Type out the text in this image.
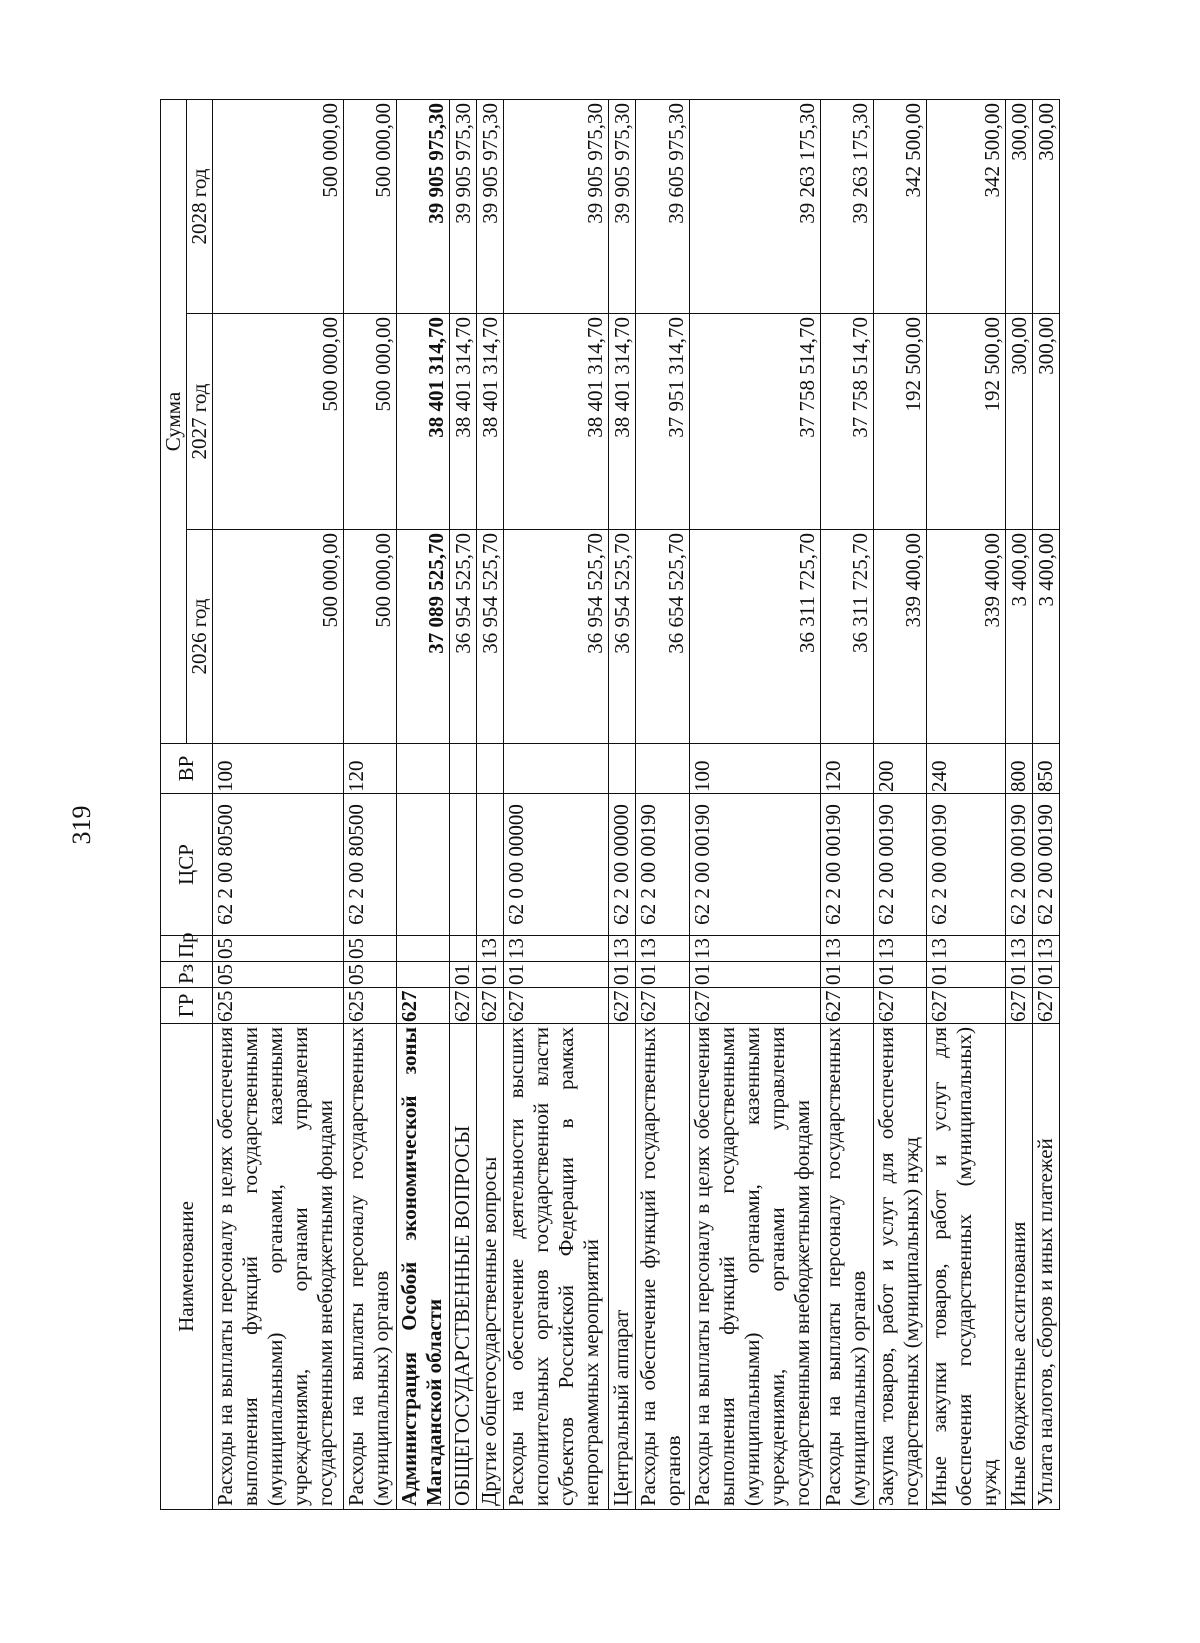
319
Наименование	ГР	Рз	Пр	ЦСР	ВР	Сумма		
						2026 год	2027 год	2028 год
Расходы на выплаты персоналу в целях обеспечения выполнения функций государственными (муниципальными) органами, казенными учреждениями, органами управления государственными внебюджетными фондами	625	05	05	62 2 00 80500	100	500 000,00	500 000,00	500 000,00
Расходы на выплаты персоналу государственных (муниципальных) органов	625	05	05	62 2 00 80500	120	500 000,00	500 000,00	500 000,00
Администрация Особой экономической зоны Магаданской области	627					37 089 525,70	38 401 314,70	39 905 975,30
ОБЩЕГОСУДАРСТВЕННЫЕ ВОПРОСЫ	627	01				36 954 525,70	38 401 314,70	39 905 975,30
Другие общегосударственные вопросы	627	01	13			36 954 525,70	38 401 314,70	39 905 975,30
Расходы на обеспечение деятельности высших исполнительных органов государственной власти субъектов Российской Федерации в рамках непрограммных мероприятий	627	01	13	62 0 00 00000		36 954 525,70	38 401 314,70	39 905 975,30
Центральный аппарат	627	01	13	62 2 00 00000		36 954 525,70	38 401 314,70	39 905 975,30
Расходы на обеспечение функций государственных органов	627	01	13	62 2 00 00190		36 654 525,70	37 951 314,70	39 605 975,30
Расходы на выплаты персоналу в целях обеспечения выполнения функций государственными (муниципальными) органами, казенными учреждениями, органами управления государственными внебюджетными фондами	627	01	13	62 2 00 00190	100	36 311 725,70	37 758 514,70	39 263 175,30
Расходы на выплаты персоналу государственных (муниципальных) органов	627	01	13	62 2 00 00190	120	36 311 725,70	37 758 514,70	39 263 175,30
Закупка товаров, работ и услуг для обеспечения государственных (муниципальных) нужд	627	01	13	62 2 00 00190	200	339 400,00	192 500,00	342 500,00
Иные закупки товаров, работ и услуг для обеспечения государственных (муниципальных) нужд	627	01	13	62 2 00 00190	240	339 400,00	192 500,00	342 500,00
Иные бюджетные ассигнования	627	01	13	62 2 00 00190	800	3 400,00	300,00	300,00
Уплата налогов, сборов и иных платежей	627	01	13	62 2 00 00190	850	3 400,00	300,00	300,00
